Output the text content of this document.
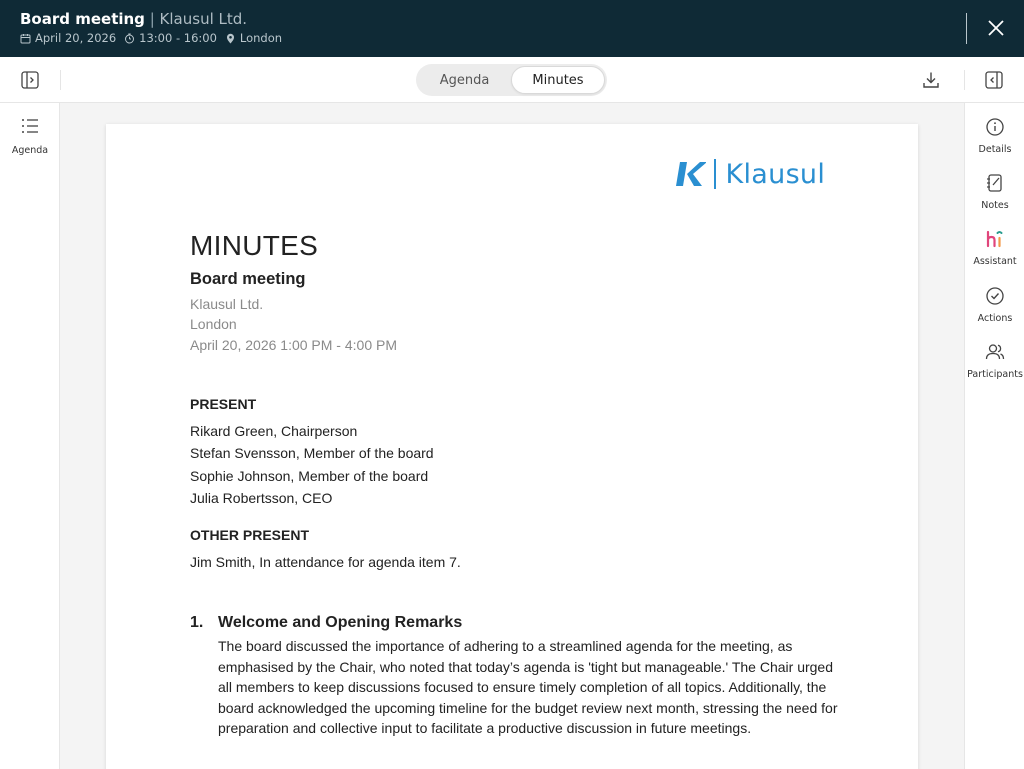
Board meeting | Klausul Ltd.
April 20, 2026 13:00 - 16:00 London
Agenda	Minutes
Agenda
Klausul
MINUTES
Board meeting
Klausul Ltd.
London
April 20, 2026 1:00 PM - 4:00 PM
PRESENT
Rikard Green, Chairperson
Stefan Svensson, Member of the board
Sophie Johnson, Member of the board
Julia Robertsson, CEO
OTHER PRESENT
Jim Smith, In attendance for agenda item 7.
1. Welcome and Opening Remarks
The board discussed the importance of adhering to a streamlined agenda for the meeting, as emphasised by the Chair, who noted that today’s agenda is 'tight but manageable.' The Chair urged all members to keep discussions focused to ensure timely completion of all topics. Additionally, the board acknowledged the upcoming timeline for the budget review next month, stressing the need for preparation and collective input to facilitate a productive discussion in future meetings.
Details
Notes
Assistant
Actions
Participants
